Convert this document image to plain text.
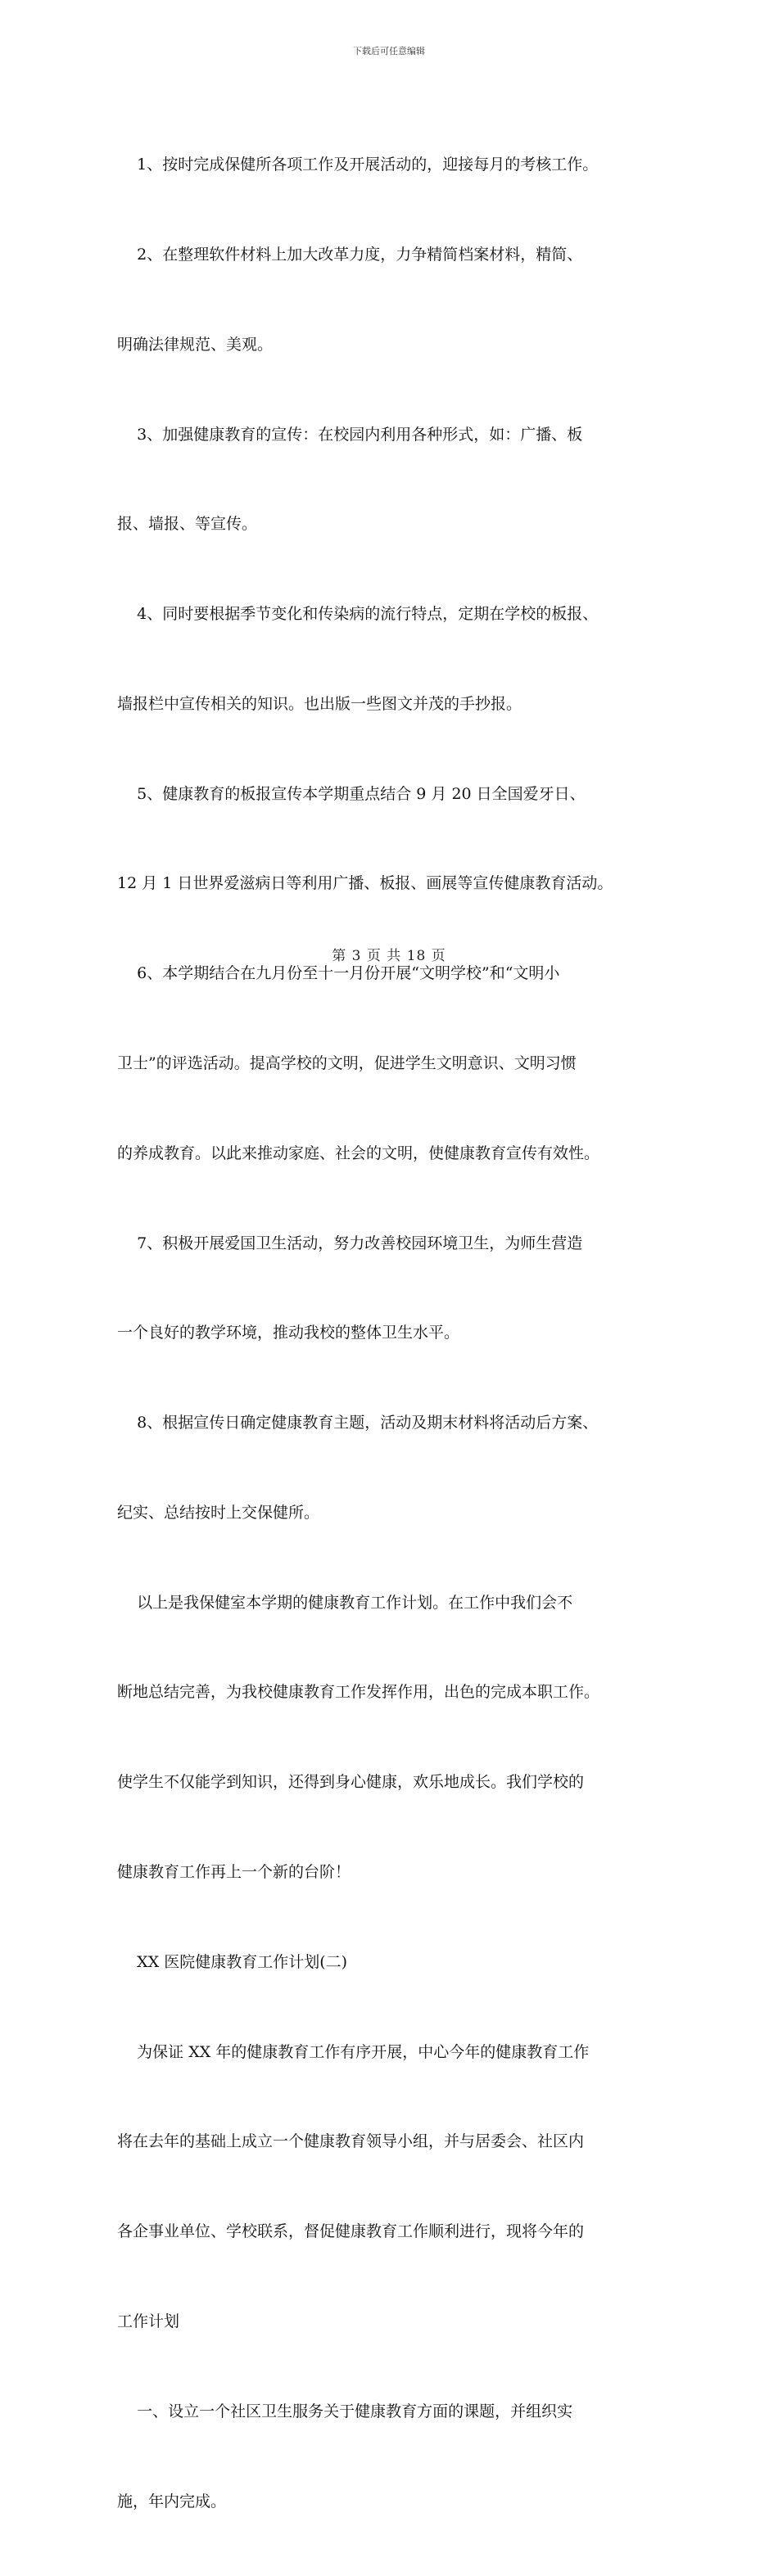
下载后可任意编辑

1、按时完成保健所各项工作及开展活动的，迎接每月的考核工作。

2、在整理软件材料上加大改革力度，力争精简档案材料，精简、

明确法律规范、美观。

3、加强健康教育的宣传：在校园内利用各种形式，如：广播、板

报、墙报、等宣传。

4、同时要根据季节变化和传染病的流行特点，定期在学校的板报、

墙报栏中宣传相关的知识。也出版一些图文并茂的手抄报。

5、健康教育的板报宣传本学期重点结合 9 月 20 日全国爱牙日、

12 月 1 日世界爱滋病日等利用广播、板报、画展等宣传健康教育活动。

6、本学期结合在九月份至十一月份开展“文明学校”和“文明小

卫士”的评选活动。提高学校的文明，促进学生文明意识、文明习惯

的养成教育。以此来推动家庭、社会的文明，使健康教育宣传有效性。

7、积极开展爱国卫生活动，努力改善校园环境卫生，为师生营造

一个良好的教学环境，推动我校的整体卫生水平。

8、根据宣传日确定健康教育主题，活动及期末材料将活动后方案、

纪实、总结按时上交保健所。

以上是我保健室本学期的健康教育工作计划。在工作中我们会不

断地总结完善，为我校健康教育工作发挥作用，出色的完成本职工作。

使学生不仅能学到知识，还得到身心健康，欢乐地成长。我们学校的

健康教育工作再上一个新的台阶！

XX 医院健康教育工作计划(二)

为保证 XX 年的健康教育工作有序开展，中心今年的健康教育工作

将在去年的基础上成立一个健康教育领导小组，并与居委会、社区内

各企事业单位、学校联系，督促健康教育工作顺利进行，现将今年的

工作计划

一、设立一个社区卫生服务关于健康教育方面的课题，并组织实

施，年内完成。

第 3 页 共 18 页
